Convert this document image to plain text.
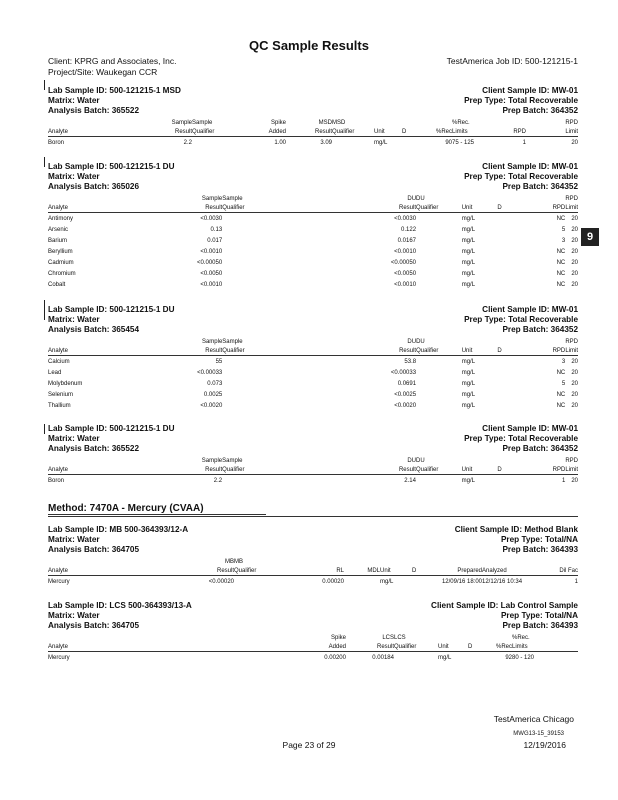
QC Sample Results
Client: KPRG and Associates, Inc.
Project/Site: Waukegan CCR
TestAmerica Job ID: 500-121215-1
9
Lab Sample ID: 500-121215-1 MSD	Client Sample ID: MW-01
Matrix: Water	Prep Type: Total Recoverable
Analysis Batch: 365522	Prep Batch: 364352
	Sample	Sample	Spike	MSD	MSD				%Rec.		RPD
Analyte	Result	Qualifier	Added	Result	Qualifier	Unit	D	%Rec	Limits	RPD	Limit
Boron	2.2		1.00	3.09		mg/L		90	75 - 125	1	20
Lab Sample ID: 500-121215-1 DU	Client Sample ID: MW-01
Matrix: Water	Prep Type: Total Recoverable
Analysis Batch: 365026	Prep Batch: 364352
	Sample	Sample	DU	DU					RPD
Analyte	Result	Qualifier	Result	Qualifier	Unit	D		RPD	Limit
Antimony	<0.0030		<0.0030		mg/L			NC	20
Arsenic	0.13		0.122		mg/L			5	20
Barium	0.017		0.0167		mg/L			3	20
Beryllium	<0.0010		<0.0010		mg/L			NC	20
Cadmium	<0.00050		<0.00050		mg/L			NC	20
Chromium	<0.0050		<0.0050		mg/L			NC	20
Cobalt	<0.0010		<0.0010		mg/L			NC	20
Lab Sample ID: 500-121215-1 DU	Client Sample ID: MW-01
Matrix: Water	Prep Type: Total Recoverable
Analysis Batch: 365454	Prep Batch: 364352
	Sample	Sample	DU	DU					RPD
Analyte	Result	Qualifier	Result	Qualifier	Unit	D		RPD	Limit
Calcium	55		53.8		mg/L			3	20
Lead	<0.00033		<0.00033		mg/L			NC	20
Molybdenum	0.073		0.0691		mg/L			5	20
Selenium	0.0025		<0.0025		mg/L			NC	20
Thallium	<0.0020		<0.0020		mg/L			NC	20
Lab Sample ID: 500-121215-1 DU	Client Sample ID: MW-01
Matrix: Water	Prep Type: Total Recoverable
Analysis Batch: 365522	Prep Batch: 364352
	Sample	Sample	DU	DU					RPD
Analyte	Result	Qualifier	Result	Qualifier	Unit	D		RPD	Limit
Boron	2.2		2.14		mg/L			1	20
Lab Sample ID: MB 500-364393/12-A	Client Sample ID: Method Blank
Matrix: Water	Prep Type: Total/NA
Analysis Batch: 364705	Prep Batch: 364393
	MB	MB							
Analyte	Result	Qualifier	RL	MDL	Unit	D	Prepared	Analyzed	Dil Fac
Mercury	<0.00020		0.00020		mg/L		12/09/16 18:00	12/12/16 10:34	1
Lab Sample ID: LCS 500-364393/13-A	Client Sample ID: Lab Control Sample
Matrix: Water	Prep Type: Total/NA
Analysis Batch: 364705	Prep Batch: 364393
		Spike	LCS	LCS				%Rec.	
Analyte		Added	Result	Qualifier	Unit	D	%Rec	Limits	
Mercury		0.00200	0.00184		mg/L		92	80 - 120	
Method: 7470A - Mercury (CVAA)
TestAmerica Chicago
MWG13-15_39153
Page 23 of 29	12/19/2016
